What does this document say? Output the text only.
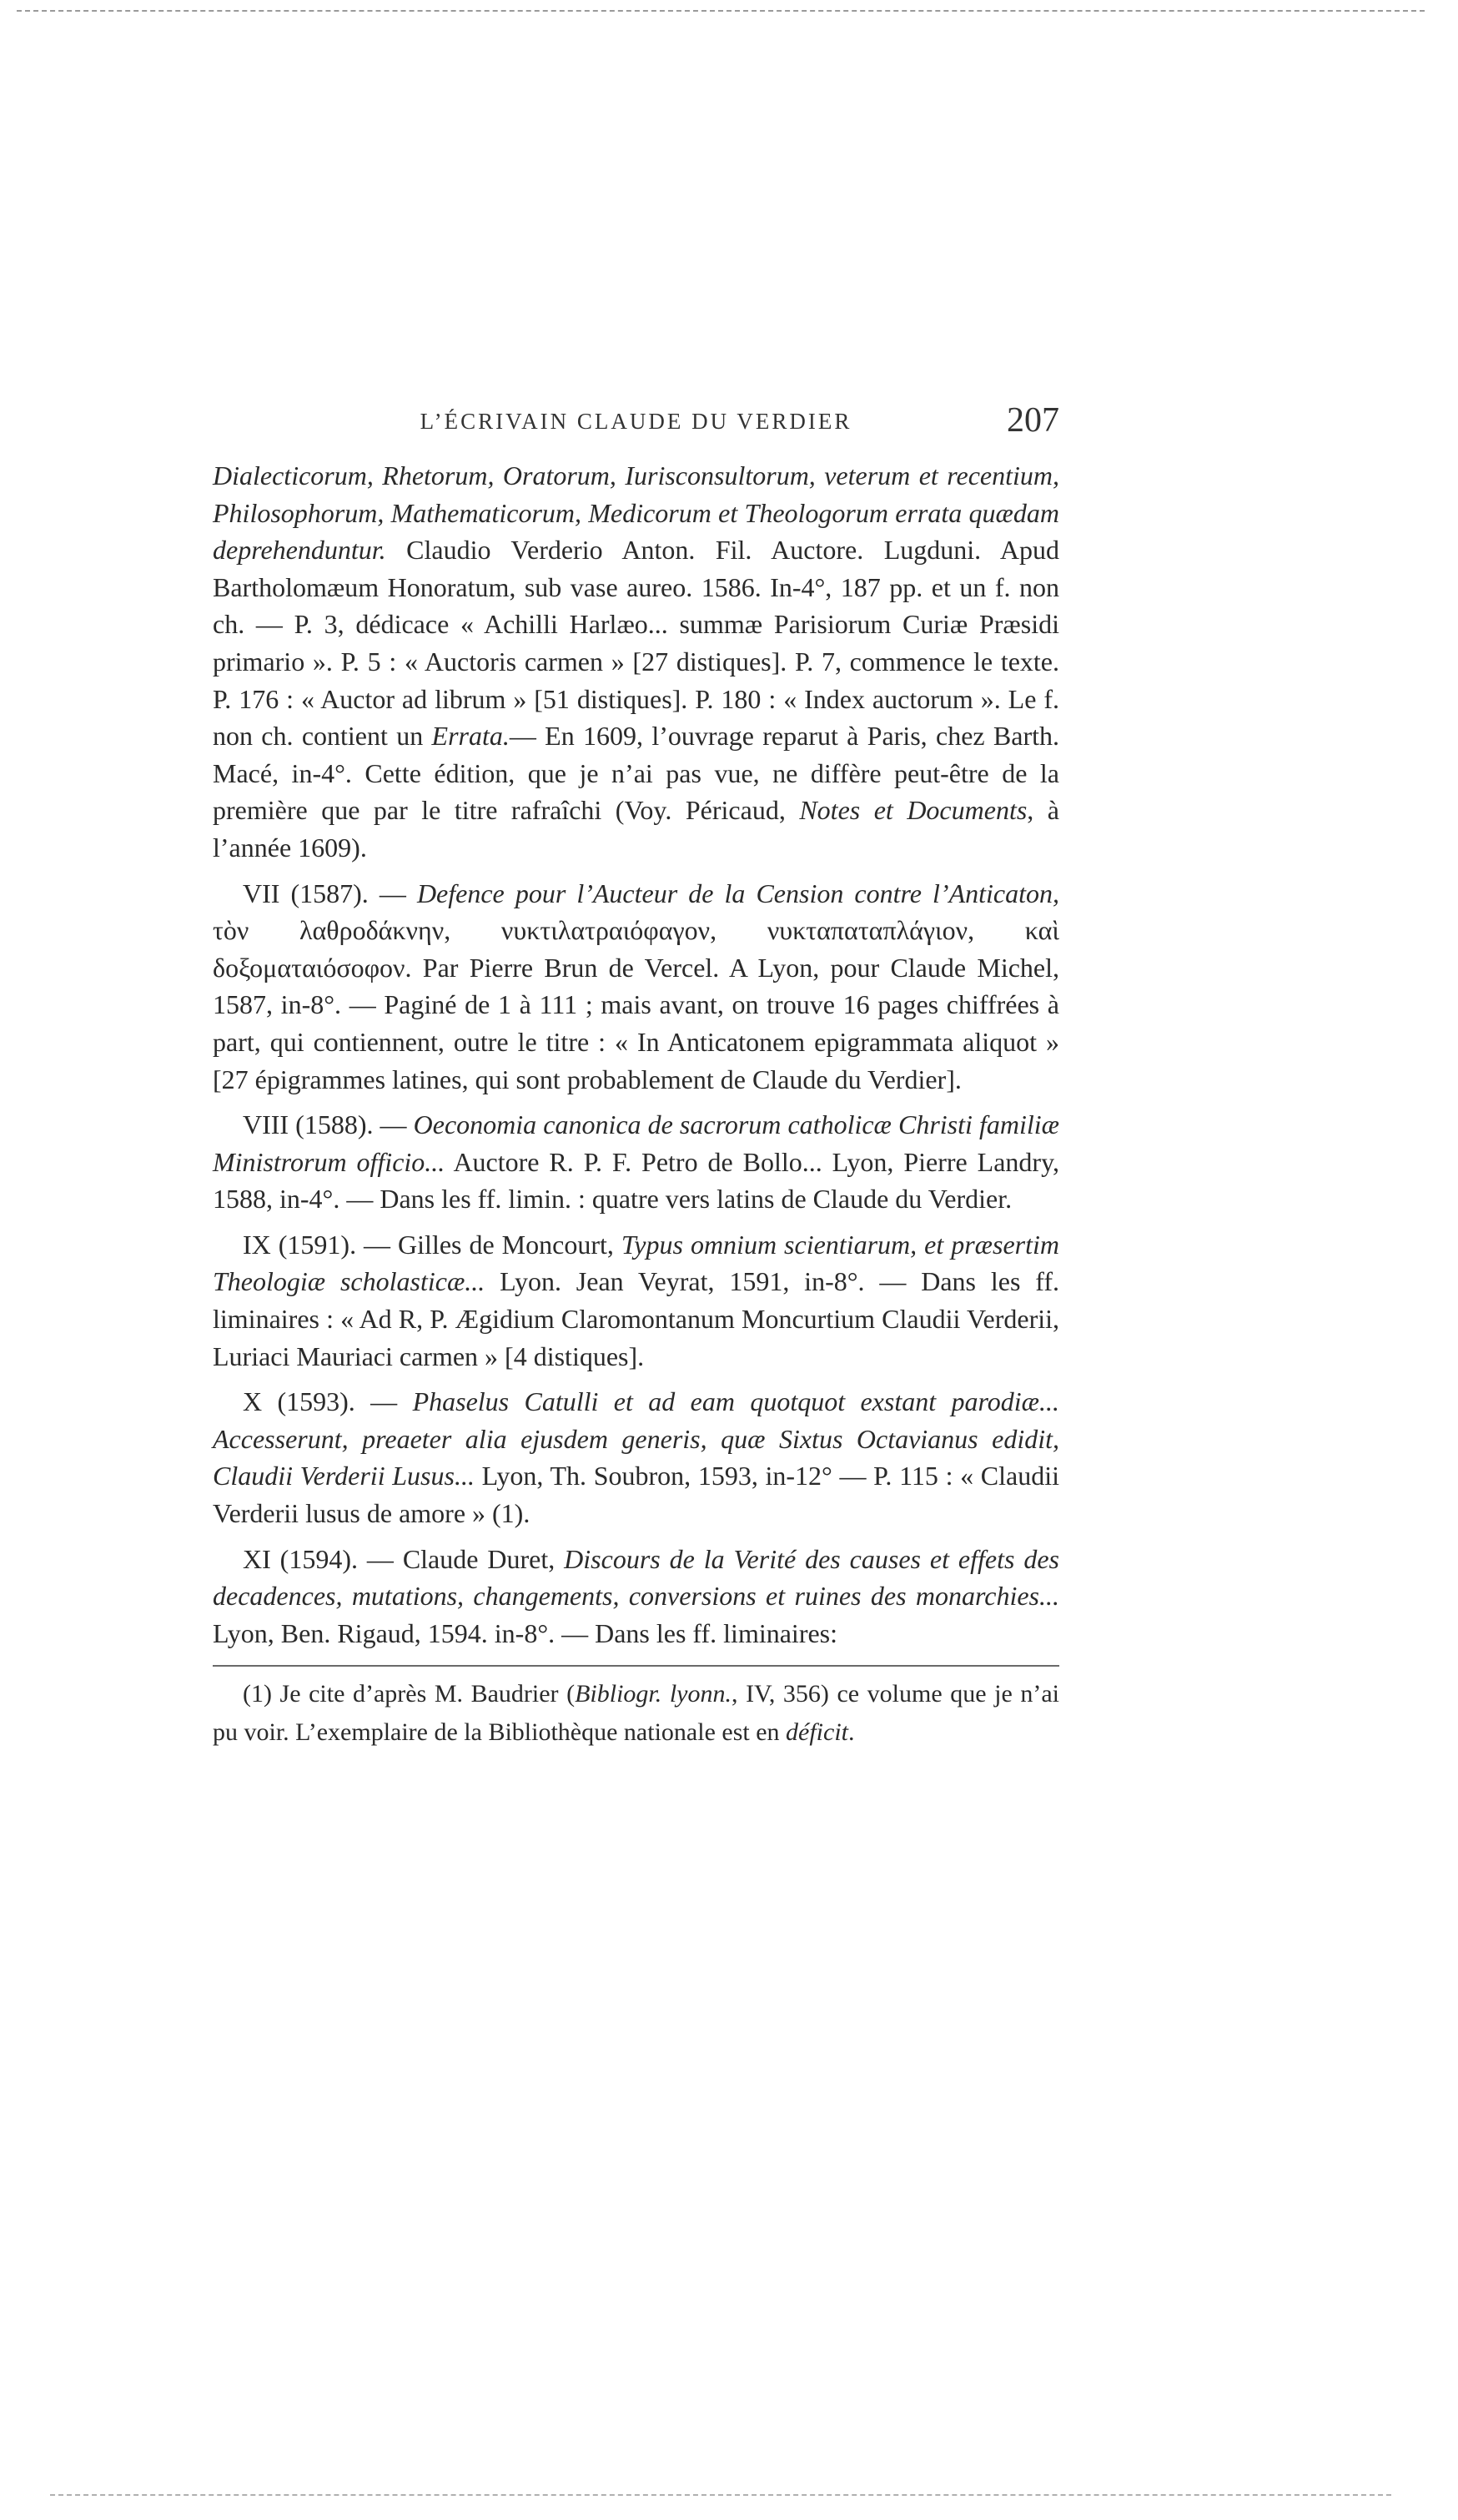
L’ÉCRIVAIN CLAUDE DU VERDIER	207

Dialecticorum, Rhetorum, Oratorum, Iurisconsultorum, veterum et recentium, Philosophorum, Mathematicorum, Medicorum et Theologorum errata quædam deprehenduntur. Claudio Verderio Anton. Fil. Auctore. Lugduni. Apud Bartholomæum Honoratum, sub vase aureo. 1586. In-4°, 187 pp. et un f. non ch. — P. 3, dédicace « Achilli Harlæo... summæ Parisiorum Curiæ Præsidi primario ». P. 5 : « Auctoris carmen » [27 distiques]. P. 7, commence le texte. P. 176 : « Auctor ad librum » [51 distiques]. P. 180 : « Index auctorum ». Le f. non ch. contient un Errata.— En 1609, l’ouvrage reparut à Paris, chez Barth. Macé, in-4°. Cette édition, que je n’ai pas vue, ne diffère peut-être de la première que par le titre rafraîchi (Voy. Péricaud, Notes et Documents, à l’année 1609).

VII (1587). — Defence pour l’Aucteur de la Cension contre l’Anticaton, τὸν λαθροδάκνην, νυκτιλατραιόφαγον, νυκταπαταπλάγιον, καὶ δοξοματαιόσοφον. Par Pierre Brun de Vercel. A Lyon, pour Claude Michel, 1587, in-8°. — Paginé de 1 à 111 ; mais avant, on trouve 16 pages chiffrées à part, qui contiennent, outre le titre : « In Anticatonem epigrammata aliquot » [27 épigrammes latines, qui sont probablement de Claude du Verdier].

VIII (1588). — Oeconomia canonica de sacrorum catholicæ Christi familiæ Ministrorum officio... Auctore R. P. F. Petro de Bollo... Lyon, Pierre Landry, 1588, in-4°. — Dans les ff. limin. : quatre vers latins de Claude du Verdier.

IX (1591). — Gilles de Moncourt, Typus omnium scientiarum, et præsertim Theologiæ scholasticæ... Lyon. Jean Veyrat, 1591, in-8°. — Dans les ff. liminaires : « Ad R, P. Ægidium Claromontanum Moncurtium Claudii Verderii, Luriaci Mauriaci carmen » [4 distiques].

X (1593). — Phaselus Catulli et ad eam quotquot exstant parodiæ... Accesserunt, preaeter alia ejusdem generis, quæ Sixtus Octavianus edidit, Claudii Verderii Lusus... Lyon, Th. Soubron, 1593, in-12° — P. 115 : « Claudii Verderii lusus de amore » (1).

XI (1594). — Claude Duret, Discours de la Verité des causes et effets des decadences, mutations, changements, conversions et ruines des monarchies... Lyon, Ben. Rigaud, 1594. in-8°. — Dans les ff. liminaires:

(1) Je cite d’après M. Baudrier (Bibliogr. lyonn., IV, 356) ce volume que je n’ai pu voir. L’exemplaire de la Bibliothèque nationale est en déficit.
